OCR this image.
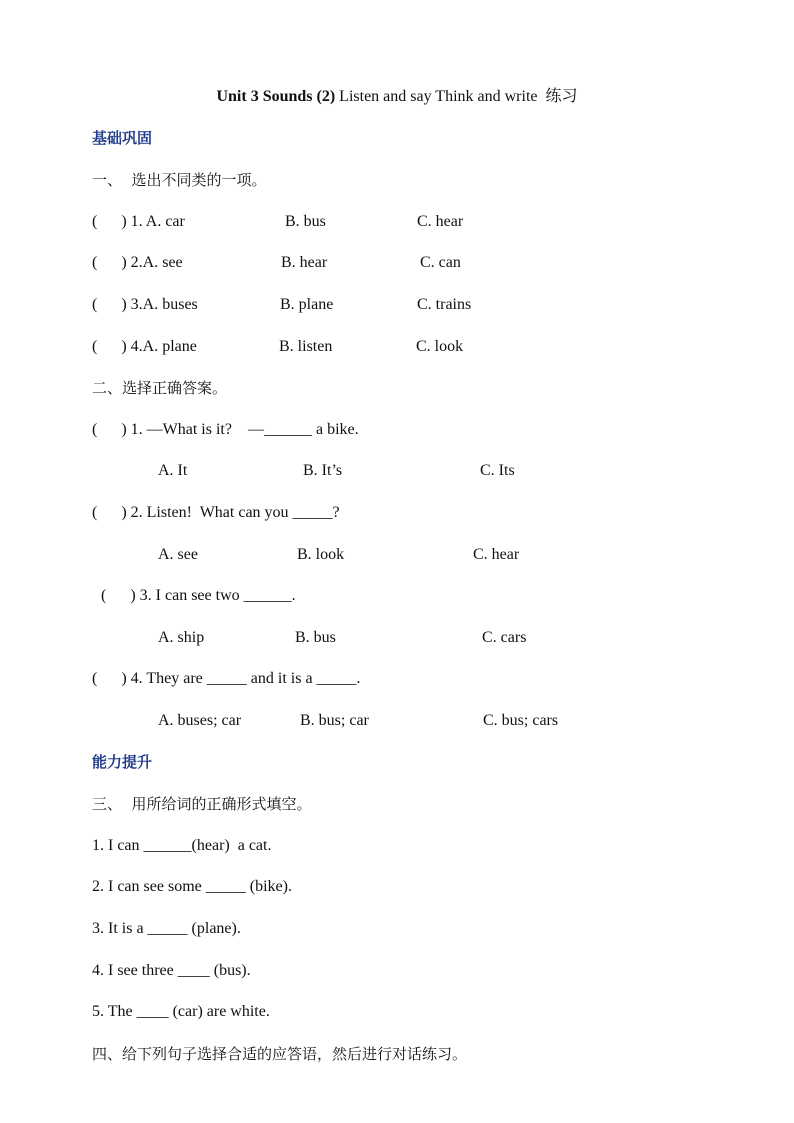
Unit 3 Sounds (2) Listen and say Think and write  练习
基础巩固
一、  选出不同类的一项。
(      ) 1. A. car	B. bus	C. hear
(      ) 2.A. see	B. hear	C. can
(      ) 3.A. buses	B. plane	C. trains
(      ) 4.A. plane	B. listen	C. look
二、选择正确答案。
(      ) 1. —What is it?    —______ a bike.
A. It	B. It’s	C. Its
(      ) 2. Listen!  What can you _____?
A. see	B. look	C. hear
(      ) 3. I can see two ______.
A. ship	B. bus	C. cars
(      ) 4. They are _____ and it is a _____.
A. buses; car	B. bus; car	C. bus; cars
能力提升
三、  用所给词的正确形式填空。
1. I can ______(hear)  a cat.
2. I can see some _____ (bike).
3. It is a _____ (plane).
4. I see three ____ (bus).
5. The ____ (car) are white.
四、给下列句子选择合适的应答语，然后进行对话练习。
